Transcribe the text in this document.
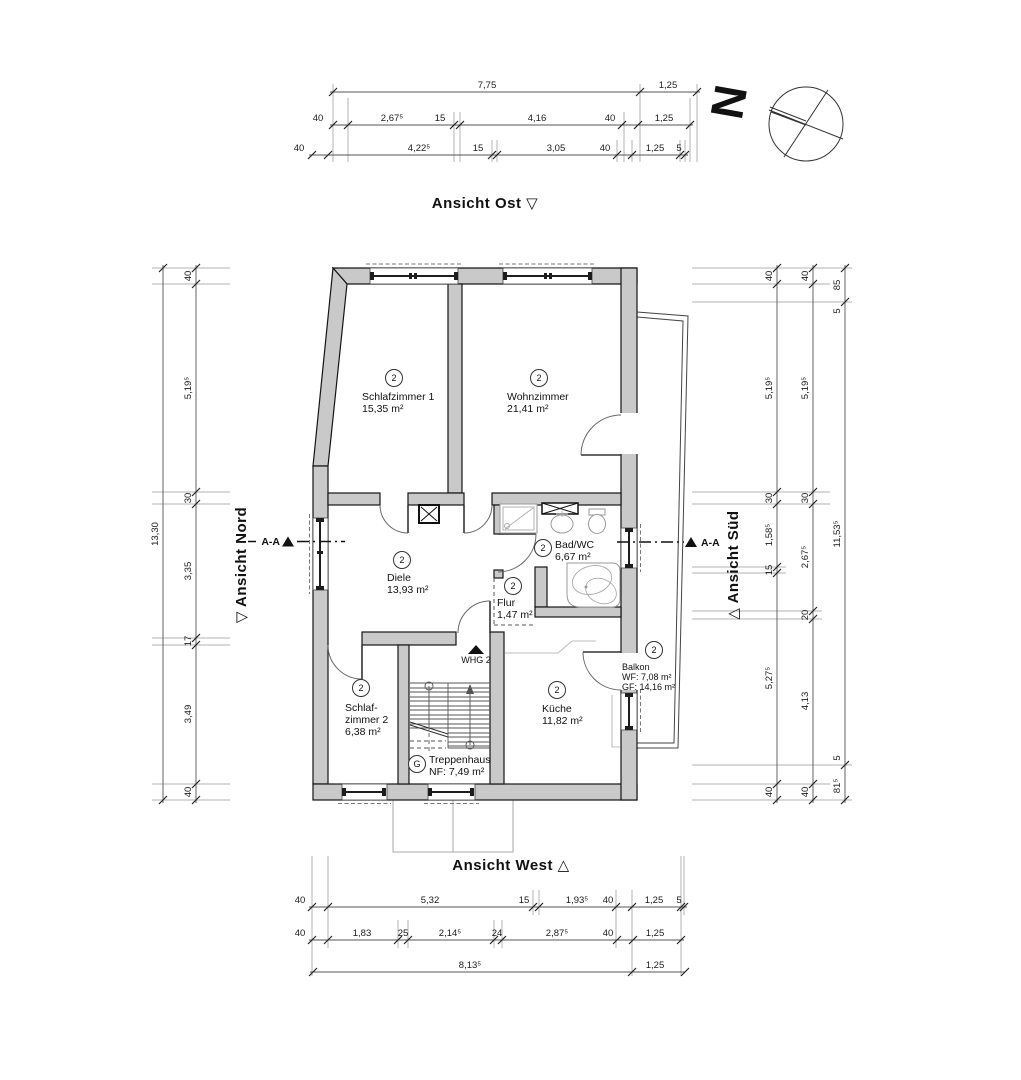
7,75	1,25
40	2,67⁵	15	4,16	40	1,25
40	4,22⁵	15	3,05	40	1,25 5
13,30
40
5,19⁵
30
3,35
17
3,49
40
40
5,19⁵
30
1,58⁵
15
5,27⁵
40
40
5,19⁵
30
2,67⁵
20
4,13
40
85
5
11,53⁵
5
81⁵
40	5,32	15	1,93⁵ 40	1,25 5
40	1,83	25	2,14⁵	24	2,87⁵	40	1,25
8,13⁵	1,25
N
WHG 2
A-A	A-A
Ansicht Ost ▽
Ansicht West △
▽ Ansicht Nord	△ Ansicht Süd
2
Schlafzimmer 1
15,35 m²
2
Wohnzimmer
21,41 m²
2
Diele
13,93 m²
2 Bad/WC
6,67 m²
2
Flur
1,47 m²
2
Schlaf-
zimmer 2
6,38 m²
2
Küche
11,82 m²
G Treppenhaus
NF: 7,49 m²
2
Balkon
WF: 7,08 m²
GF: 14,16 m²
